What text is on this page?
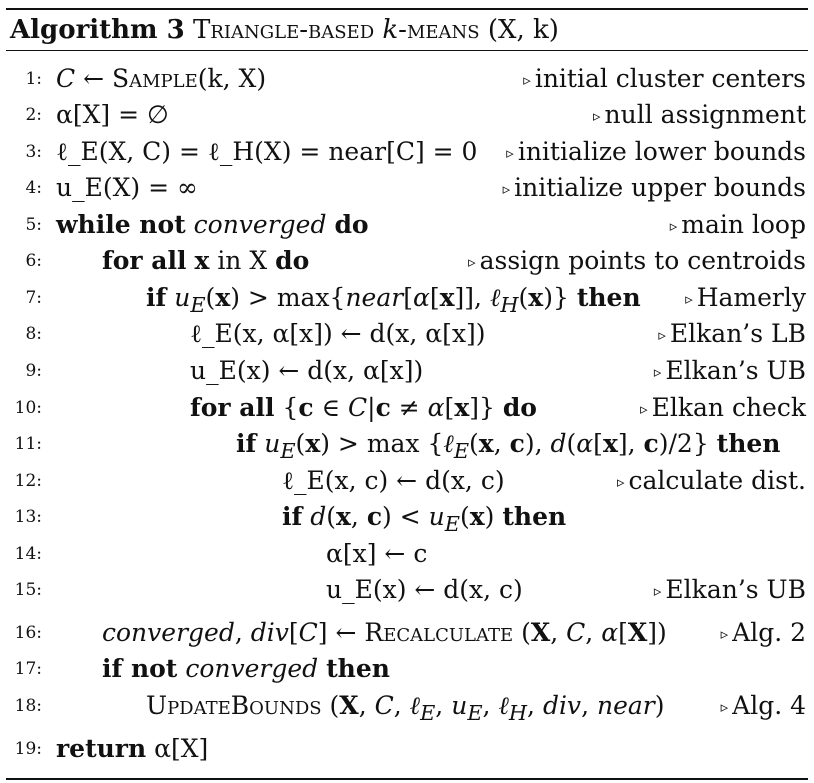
Algorithm 3 Triangle-based k-means (X, k)
1: C ← Sample(k, X)	▹ initial cluster centers
2: α[X] = ∅	▹ null assignment
3: ℓ_E(X, C) = ℓ_H(X) = near[C] = 0 ▹ initialize lower bounds
4: u_E(X) = ∞	▹ initialize upper bounds
5: while not converged do	▹ main loop
6: for all x in X do	▹ assign points to centroids
7:	if $u_E(x)$ > max{near[α[x]], ℓ$_H$(x)} then	▹ Hamerly
8:	ℓ_E(x, α[x]) ← d(x, α[x])	▹ Elkan’s LB
9:	u_E(x) ← d(x, α[x])	▹ Elkan’s UB
10:	for all {c ∈ C|c ≠ α[x]} do	▹ Elkan check
11:	if $u_E(x) > \max$ {ℓ$_E$(x, c), d(α[x], c)/2} then
12:	ℓ_E(x, c) ← d(x, c)	▹ calculate dist.
13:	if d(x, $c) < u_E(x)$ then
14:	α[x] ← c
15:	u_E(x) ← d(x, c)	▹ Elkan’s UB
16: converged, div[C] ← Recalculate (X, C, α[X])	▹ Alg. 2
17: if not converged then
18:	UpdateBounds (X, C, ℓ$_E$, $u_E$, ℓ$_H$, div, near)	▹ Alg. 4
19: return α[X]
